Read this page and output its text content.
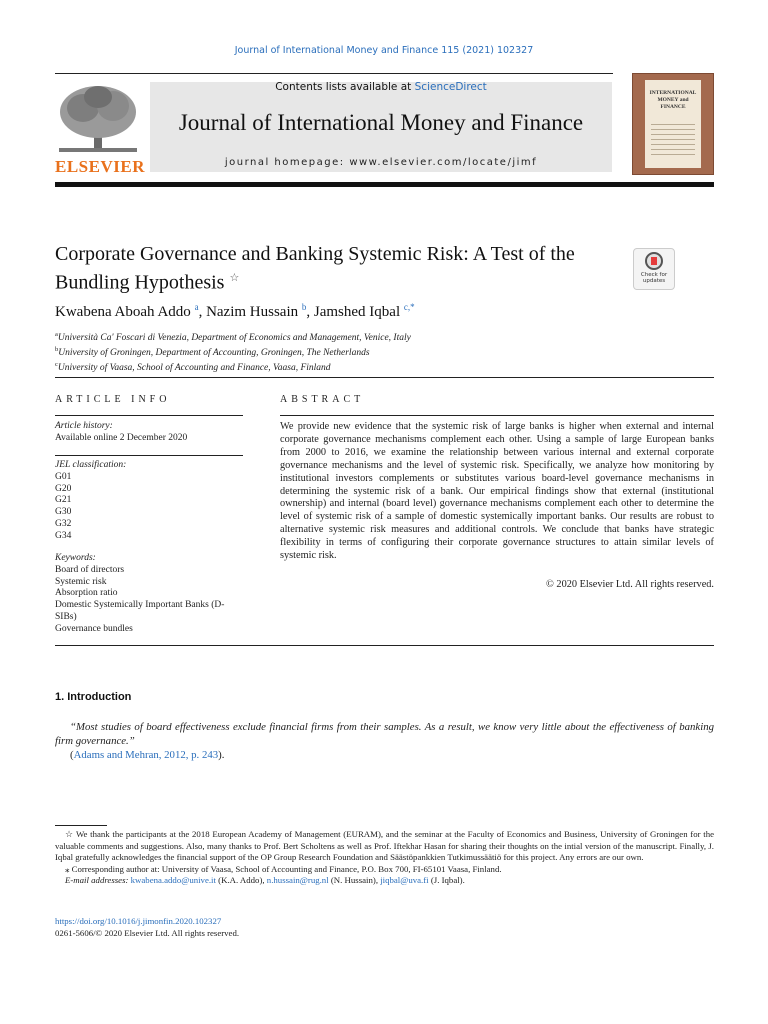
Journal of International Money and Finance 115 (2021) 102327
ELSEVIER
Contents lists available at ScienceDirect
Journal of International Money and Finance
journal homepage: www.elsevier.com/locate/jimf
INTERNATIONAL MONEY and FINANCE
Corporate Governance and Banking Systemic Risk: A Test of the Bundling Hypothesis ☆	Check for updates
Kwabena Aboah Addo $^a$, Nazim Hussain $^b$, Jamshed Iqbal $^{c,*}$
$^a$Università Ca' Foscari di Venezia, Department of Economics and Management, Venice, Italy
$^b$University of Groningen, Department of Accounting, Groningen, The Netherlands
$^c$University of Vaasa, School of Accounting and Finance, Vaasa, Finland
ARTICLE INFO
Article history:
Available online 2 December 2020
JEL classification:
G01
G20
G21
G30
G32
G34
Keywords:
Board of directors
Systemic risk
Absorption ratio
Domestic Systemically Important Banks (D-SIBs)
Governance bundles
ABSTRACT
We provide new evidence that the systemic risk of large banks is higher when external and internal corporate governance mechanisms complement each other. Using a sample of large European banks from 2000 to 2016, we examine the relationship between various internal and external corporate governance mechanisms and the level of systemic risk. Specifically, we analyze how monitoring by institutional investors complements or substitutes various board-level governance mechanisms in determining the systemic risk of a bank. Our empirical findings show that external (institutional ownership) and internal (board level) governance mechanisms complement each other to determine the level of systemic risk of a sample of domestic systemically important banks. Our results are robust to alternative systemic risk measures and additional controls. We conclude that banks have strategic flexibility in terms of configuring their corporate governance structures to attain similar levels of systemic risk.
© 2020 Elsevier Ltd. All rights reserved.
1. Introduction
“Most studies of board effectiveness exclude financial firms from their samples. As a result, we know very little about the effectiveness of banking firm governance.”
(Adams and Mehran, 2012, p. 243).
☆ We thank the participants at the 2018 European Academy of Management (EURAM), and the seminar at the Faculty of Economics and Business, University of Groningen for the valuable comments and suggestions. Also, many thanks to Prof. Bert Scholtens as well as Prof. Iftekhar Hasan for sharing their thoughts on the intial version of the manuscript. Finally, J. Iqbal gratefully acknowledges the financial support of the OP Group Research Foundation and Säästöpankkien Tutkimussäätiö for this project. Any errors are our own.
⁎ Corresponding author at: University of Vaasa, School of Accounting and Finance, P.O. Box 700, FI-65101 Vaasa, Finland.
E-mail addresses: kwabena.addo@unive.it (K.A. Addo), n.hussain@rug.nl (N. Hussain), jiqbal@uva.fi (J. Iqbal).
https://doi.org/10.1016/j.jimonfin.2020.102327
0261-5606/© 2020 Elsevier Ltd. All rights reserved.
